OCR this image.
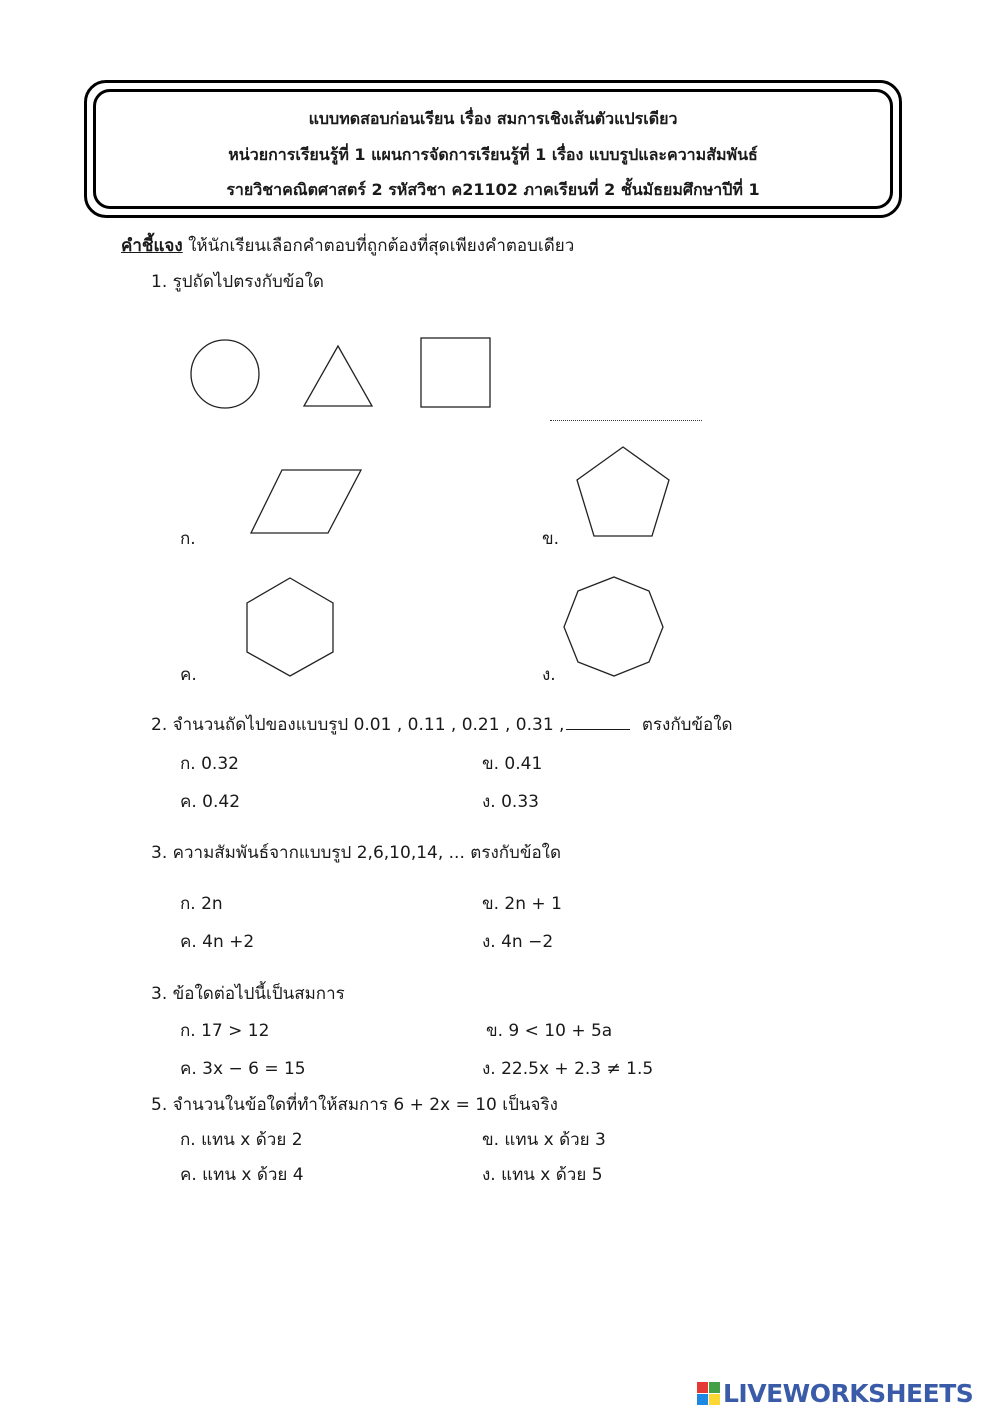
แบบทดสอบก่อนเรียน เรื่อง สมการเชิงเส้นตัวแปรเดียว
หน่วยการเรียนรู้ที่ 1 แผนการจัดการเรียนรู้ที่ 1 เรื่อง แบบรูปและความสัมพันธ์
รายวิชาคณิตศาสตร์ 2 รหัสวิชา ค21102 ภาคเรียนที่ 2 ชั้นมัธยมศึกษาปีที่ 1
คำชี้แจง ให้นักเรียนเลือกคำตอบที่ถูกต้องที่สุดเพียงคำตอบเดียว
1. รูปถัดไปตรงกับข้อใด
ก.	ข.
ค.	ง.
2. จำนวนถัดไปของแบบรูป 0.01 , 0.11 , 0.21 , 0.31 ,	ตรงกับข้อใด
ก. 0.32	ข. 0.41
ค. 0.42	ง. 0.33
3. ความสัมพันธ์จากแบบรูป 2,6,10,14, ... ตรงกับข้อใด
ก. 2n	ข. 2n + 1
ค. 4n +2	ง. 4n −2
3. ข้อใดต่อไปนี้เป็นสมการ
ก. 17 > 12	ข. 9 < 10 + 5a
ค. 3x − 6 = 15	ง. 22.5x + 2.3 ≠ 1.5
5. จำนวนในข้อใดที่ทำให้สมการ 6 + 2x = 10 เป็นจริง
ก. แทน x ด้วย 2	ข. แทน x ด้วย 3
ค. แทน x ด้วย 4	ง. แทน x ด้วย 5
LIVEWORKSHEETS
